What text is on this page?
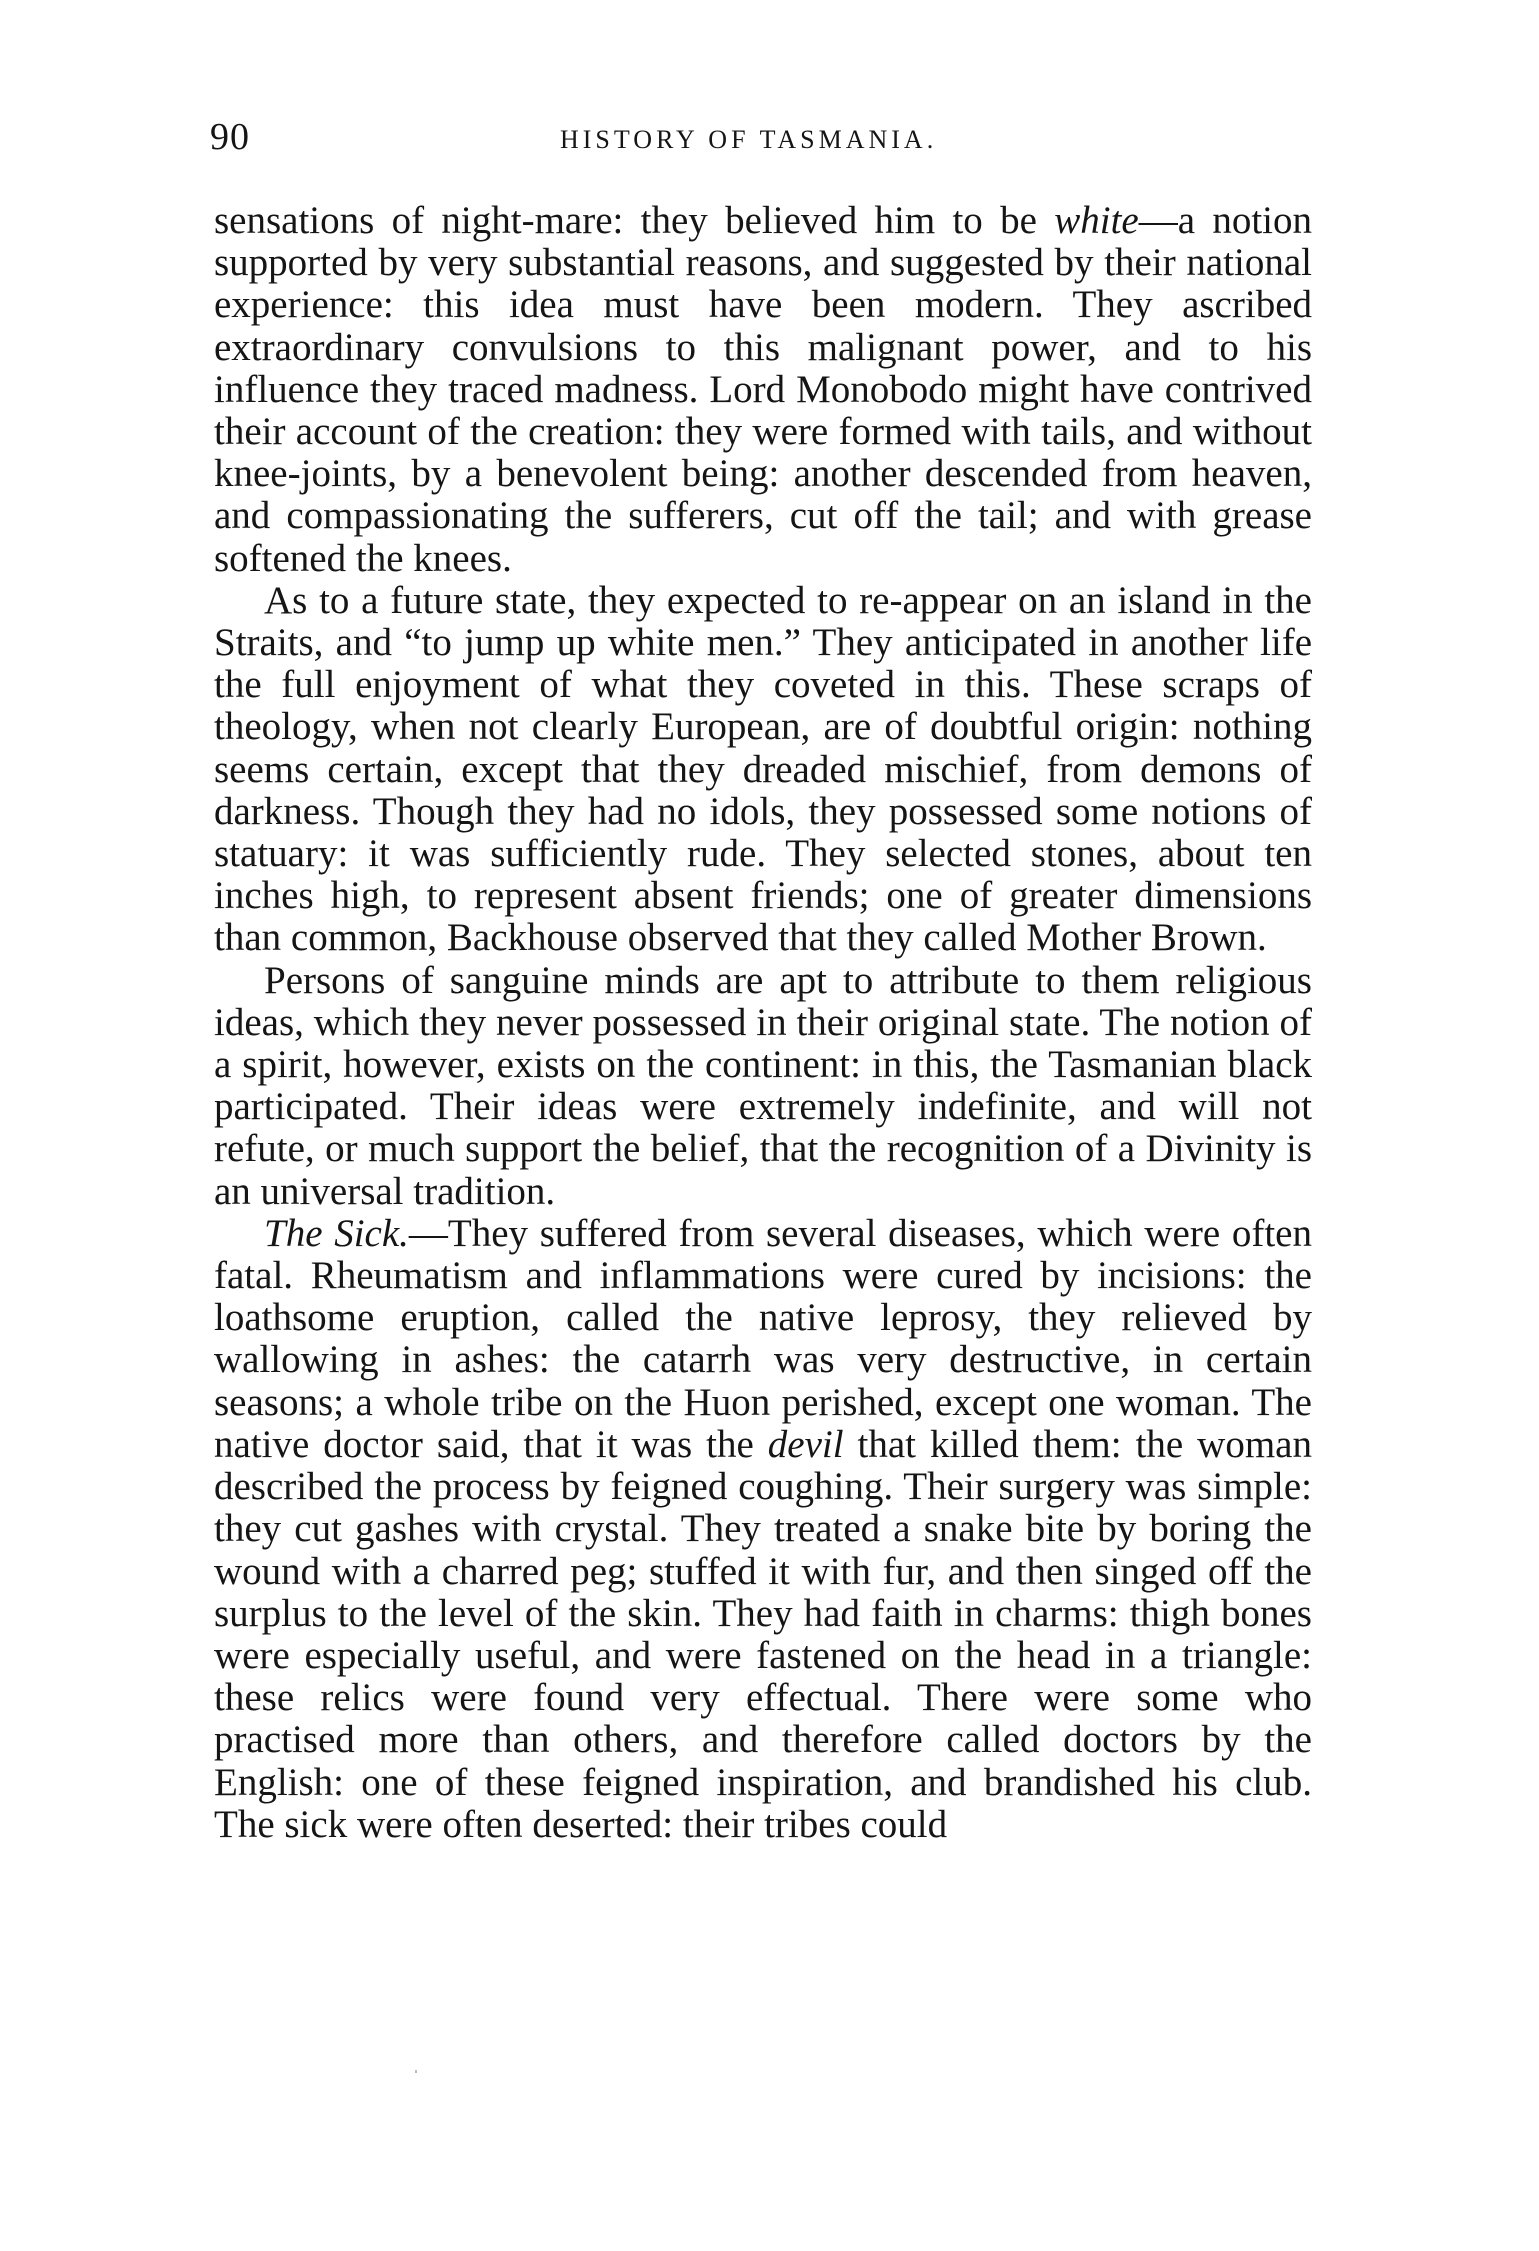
90	HISTORY OF TASMANIA.

sensations of night-mare: they believed him to be white—a notion supported by very substantial reasons, and suggested by their national experience: this idea must have been modern. They ascribed extraordinary convulsions to this malignant power, and to his influence they traced madness. Lord Monobodo might have contrived their account of the creation: they were formed with tails, and without knee-joints, by a benevolent being: another descended from heaven, and compassionating the sufferers, cut off the tail; and with grease softened the knees.

As to a future state, they expected to re-appear on an island in the Straits, and “to jump up white men.” They anticipated in another life the full enjoyment of what they coveted in this. These scraps of theology, when not clearly European, are of doubtful origin: nothing seems certain, except that they dreaded mischief, from demons of darkness. Though they had no idols, they possessed some notions of statuary: it was sufficiently rude. They selected stones, about ten inches high, to represent absent friends; one of greater dimensions than common, Backhouse observed that they called Mother Brown.

Persons of sanguine minds are apt to attribute to them religious ideas, which they never possessed in their original state. The notion of a spirit, however, exists on the continent: in this, the Tasmanian black participated. Their ideas were extremely indefinite, and will not refute, or much support the belief, that the recognition of a Divinity is an universal tradition.

The Sick.—They suffered from several diseases, which were often fatal. Rheumatism and inflammations were cured by incisions: the loathsome eruption, called the native leprosy, they relieved by wallowing in ashes: the catarrh was very destructive, in certain seasons; a whole tribe on the Huon perished, except one woman. The native doctor said, that it was the devil that killed them: the woman described the process by feigned coughing. Their surgery was simple: they cut gashes with crystal. They treated a snake bite by boring the wound with a charred peg; stuffed it with fur, and then singed off the surplus to the level of the skin. They had faith in charms: thigh bones were especially useful, and were fastened on the head in a triangle: these relics were found very effectual. There were some who practised more than others, and therefore called doctors by the English: one of these feigned inspiration, and brandished his club. The sick were often deserted: their tribes could
